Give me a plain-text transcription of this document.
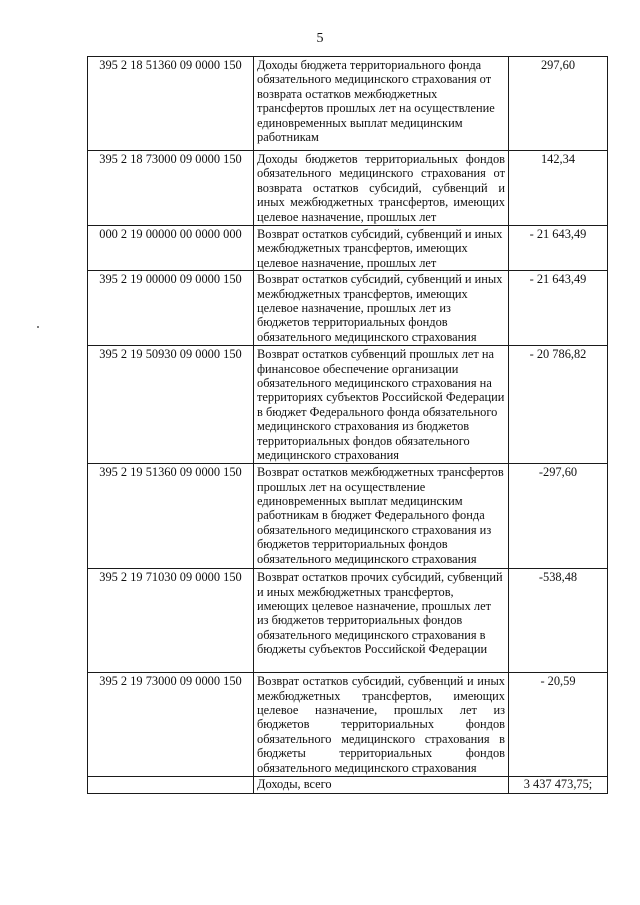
5
395 2 18 51360 09 0000 150	Доходы бюджета территориального фонда обязательного медицинского страхования от возврата остатков межбюджетных трансфертов прошлых лет на осуществление единовременных выплат медицинским работникам	297,60
395 2 18 73000 09 0000 150	Доходы бюджетов территориальных фондов обязательного медицинского страхования от возврата остатков субсидий, субвенций и иных межбюджетных трансфертов, имеющих целевое назначение, прошлых лет	142,34
000 2 19 00000 00 0000 000	Возврат остатков субсидий, субвенций и иных межбюджетных трансфертов, имеющих целевое назначение, прошлых лет	- 21 643,49
395 2 19 00000 09 0000 150	Возврат остатков субсидий, субвенций и иных межбюджетных трансфертов, имеющих целевое назначение, прошлых лет из бюджетов территориальных фондов обязательного медицинского страхования	- 21 643,49
395 2 19 50930 09 0000 150	Возврат остатков субвенций прошлых лет на финансовое обеспечение организации обязательного медицинского страхования на территориях субъектов Российской Федерации в бюджет Федерального фонда обязательного медицинского страхования из бюджетов территориальных фондов обязательного медицинского страхования	- 20 786,82
395 2 19 51360 09 0000 150	Возврат остатков межбюджетных трансфертов прошлых лет на осуществление единовременных выплат медицинским работникам в бюджет Федерального фонда обязательного медицинского страхования из бюджетов территориальных фондов обязательного медицинского страхования	-297,60
395 2 19 71030 09 0000 150	Возврат остатков прочих субсидий, субвенций и иных межбюджетных трансфертов, имеющих целевое назначение, прошлых лет из бюджетов территориальных фондов обязательного медицинского страхования в бюджеты субъектов Российской Федерации	-538,48
395 2 19 73000 09 0000 150	Возврат остатков субсидий, субвенций и иных межбюджетных трансфертов, имеющих целевое назначение, прошлых лет из бюджетов территориальных фондов обязательного медицинского страхования в бюджеты территориальных фондов обязательного медицинского страхования	- 20,59
	Доходы, всего	3 437 473,75;
